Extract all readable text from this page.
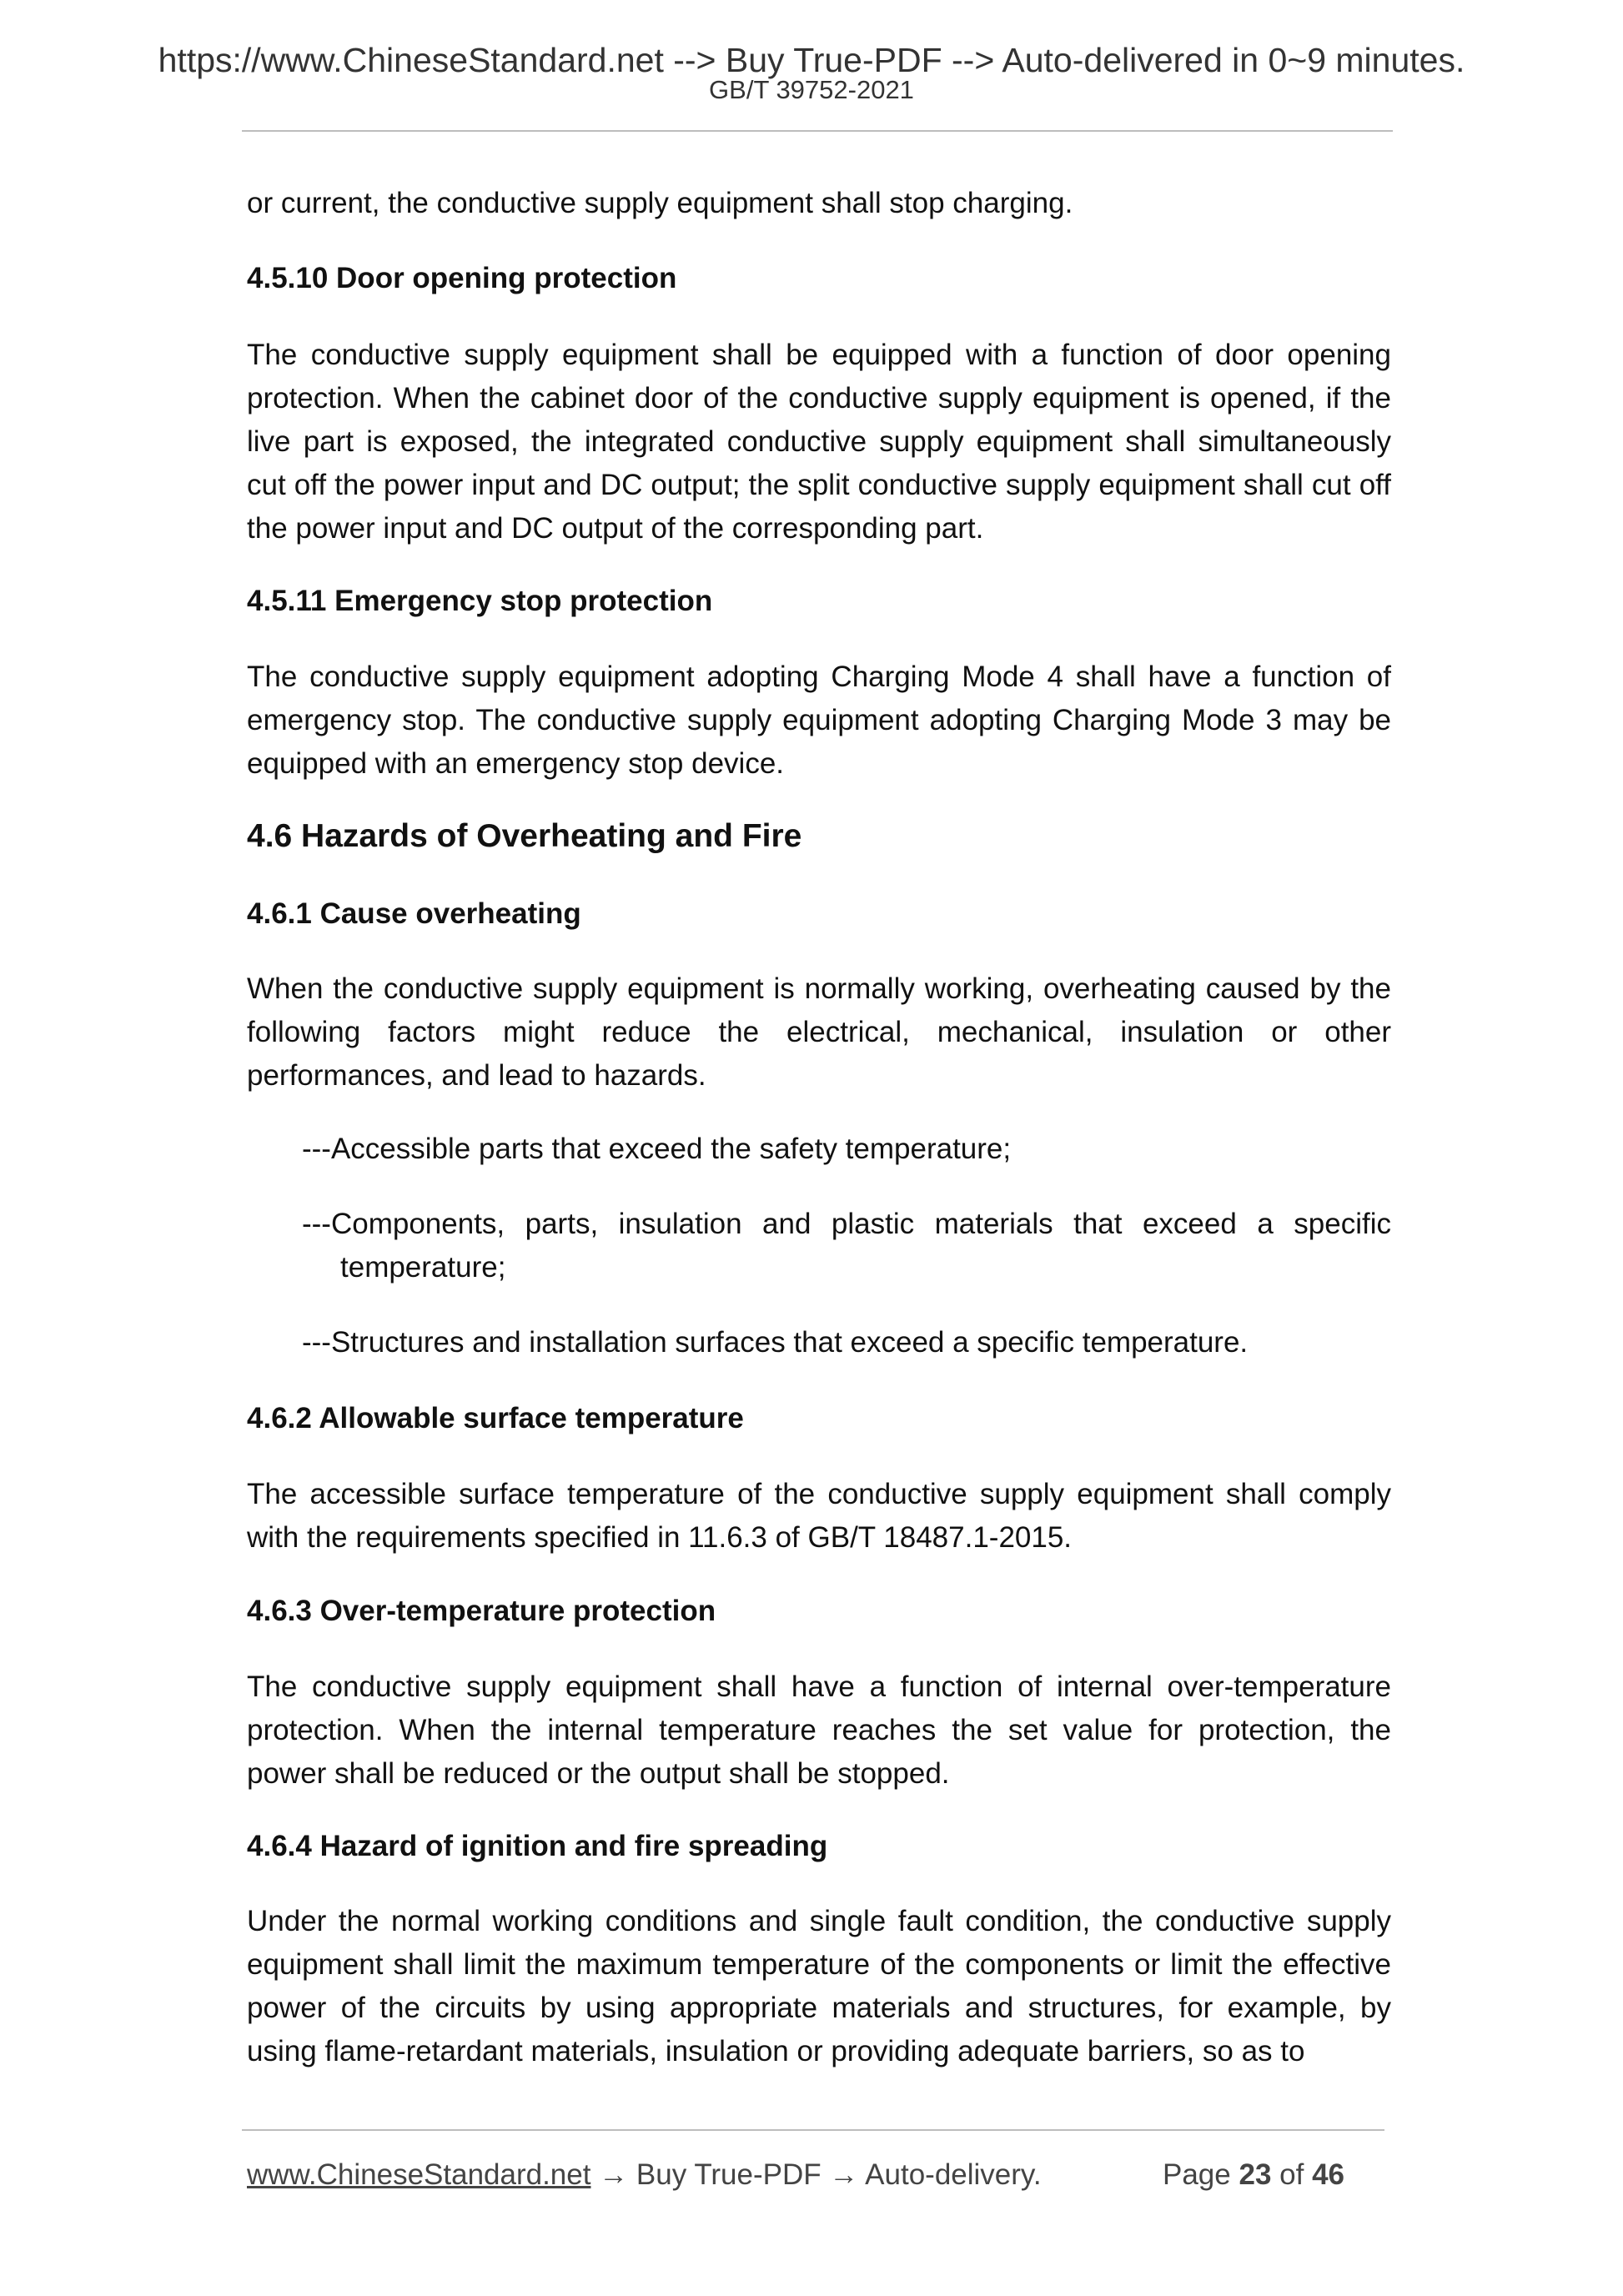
https://www.ChineseStandard.net --> Buy True-PDF --> Auto-delivered in 0~9 minutes.
GB/T 39752-2021

or current, the conductive supply equipment shall stop charging.

4.5.10 Door opening protection

The conductive supply equipment shall be equipped with a function of door opening protection. When the cabinet door of the conductive supply equipment is opened, if the live part is exposed, the integrated conductive supply equipment shall simultaneously cut off the power input and DC output; the split conductive supply equipment shall cut off the power input and DC output of the corresponding part.

4.5.11 Emergency stop protection

The conductive supply equipment adopting Charging Mode 4 shall have a function of emergency stop. The conductive supply equipment adopting Charging Mode 3 may be equipped with an emergency stop device.

4.6 Hazards of Overheating and Fire

4.6.1 Cause overheating

When the conductive supply equipment is normally working, overheating caused by the following factors might reduce the electrical, mechanical, insulation or other performances, and lead to hazards.

---Accessible parts that exceed the safety temperature;

---Components, parts, insulation and plastic materials that exceed a specific temperature;

---Structures and installation surfaces that exceed a specific temperature.

4.6.2 Allowable surface temperature

The accessible surface temperature of the conductive supply equipment shall comply with the requirements specified in 11.6.3 of GB/T 18487.1-2015.

4.6.3 Over-temperature protection

The conductive supply equipment shall have a function of internal over-temperature protection. When the internal temperature reaches the set value for protection, the power shall be reduced or the output shall be stopped.

4.6.4 Hazard of ignition and fire spreading

Under the normal working conditions and single fault condition, the conductive supply equipment shall limit the maximum temperature of the components or limit the effective power of the circuits by using appropriate materials and structures, for example, by using flame-retardant materials, insulation or providing adequate barriers, so as to

www.ChineseStandard.net → Buy True-PDF → Auto-delivery.	Page 23 of 46
